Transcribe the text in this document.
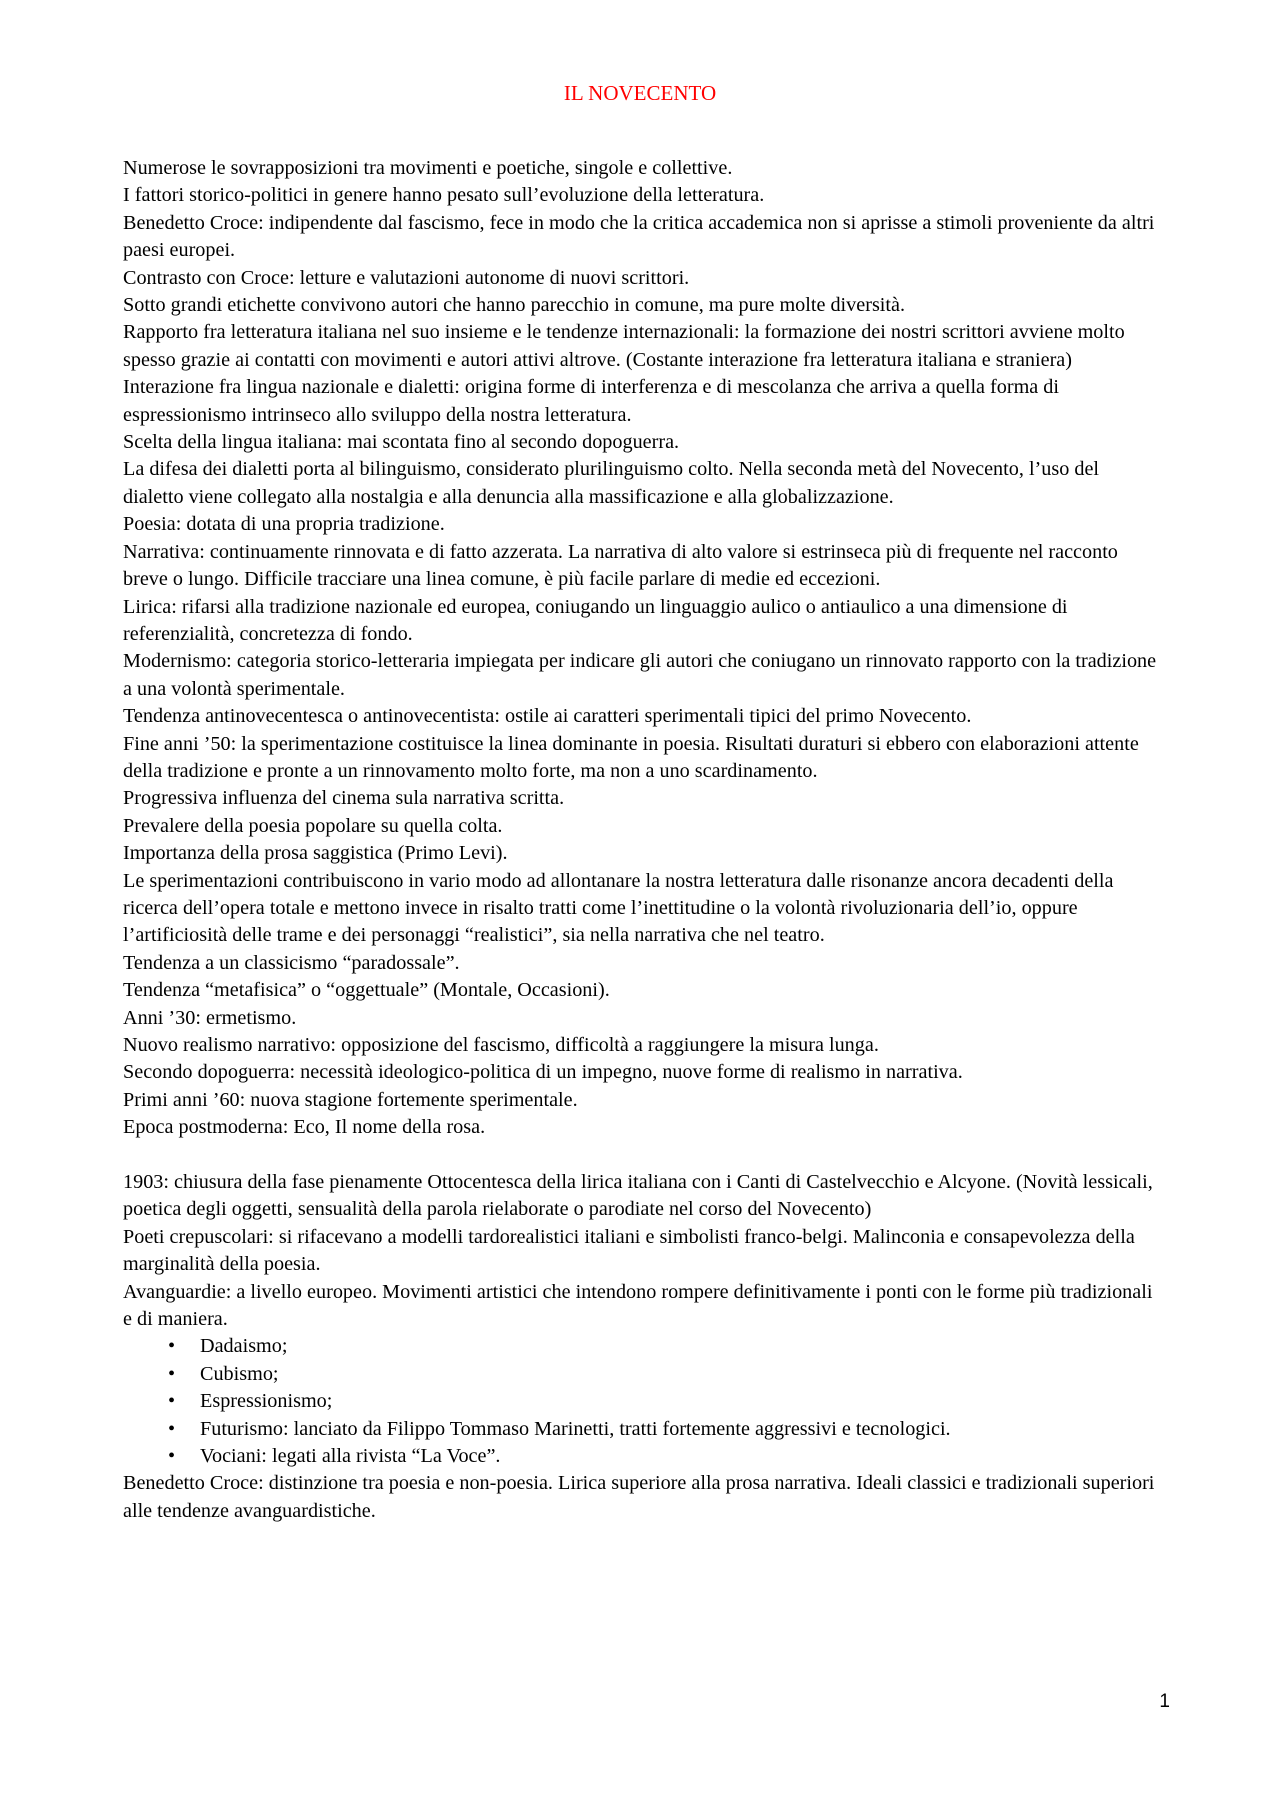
IL NOVECENTO

Numerose le sovrapposizioni tra movimenti e poetiche, singole e collettive.

I fattori storico-politici in genere hanno pesato sull’evoluzione della letteratura.

Benedetto Croce: indipendente dal fascismo, fece in modo che la critica accademica non si aprisse a stimoli proveniente da altri paesi europei.

Contrasto con Croce: letture e valutazioni autonome di nuovi scrittori.

Sotto grandi etichette convivono autori che hanno parecchio in comune, ma pure molte diversità.

Rapporto fra letteratura italiana nel suo insieme e le tendenze internazionali: la formazione dei nostri scrittori avviene molto spesso grazie ai contatti con movimenti e autori attivi altrove. (Costante interazione fra letteratura italiana e straniera)

Interazione fra lingua nazionale e dialetti: origina forme di interferenza e di mescolanza che arriva a quella forma di espressionismo intrinseco allo sviluppo della nostra letteratura.

Scelta della lingua italiana: mai scontata fino al secondo dopoguerra.

La difesa dei dialetti porta al bilinguismo, considerato plurilinguismo colto. Nella seconda metà del Novecento, l’uso del dialetto viene collegato alla nostalgia e alla denuncia alla massificazione e alla globalizzazione.

Poesia: dotata di una propria tradizione.

Narrativa: continuamente rinnovata e di fatto azzerata. La narrativa di alto valore si estrinseca più di frequente nel racconto breve o lungo. Difficile tracciare una linea comune, è più facile parlare di medie ed eccezioni.

Lirica: rifarsi alla tradizione nazionale ed europea, coniugando un linguaggio aulico o antiaulico a una dimensione di referenzialità, concretezza di fondo.

Modernismo: categoria storico-letteraria impiegata per indicare gli autori che coniugano un rinnovato rapporto con la tradizione a una volontà sperimentale.

Tendenza antinovecentesca o antinovecentista: ostile ai caratteri sperimentali tipici del primo Novecento.

Fine anni ’50: la sperimentazione costituisce la linea dominante in poesia. Risultati duraturi si ebbero con elaborazioni attente della tradizione e pronte a un rinnovamento molto forte, ma non a uno scardinamento.

Progressiva influenza del cinema sula narrativa scritta.

Prevalere della poesia popolare su quella colta.

Importanza della prosa saggistica (Primo Levi).

Le sperimentazioni contribuiscono in vario modo ad allontanare la nostra letteratura dalle risonanze ancora decadenti della ricerca dell’opera totale e mettono invece in risalto tratti come l’inettitudine o la volontà rivoluzionaria dell’io, oppure l’artificiosità delle trame e dei personaggi “realistici”, sia nella narrativa che nel teatro.

Tendenza a un classicismo “paradossale”.

Tendenza “metafisica” o “oggettuale” (Montale, Occasioni).

Anni ’30: ermetismo.

Nuovo realismo narrativo: opposizione del fascismo, difficoltà a raggiungere la misura lunga.

Secondo dopoguerra: necessità ideologico-politica di un impegno, nuove forme di realismo in narrativa.

Primi anni ’60: nuova stagione fortemente sperimentale.

Epoca postmoderna: Eco, Il nome della rosa.

1903: chiusura della fase pienamente Ottocentesca della lirica italiana con i Canti di Castelvecchio e Alcyone. (Novità lessicali, poetica degli oggetti, sensualità della parola rielaborate o parodiate nel corso del Novecento)

Poeti crepuscolari: si rifacevano a modelli tardorealistici italiani e simbolisti franco-belgi. Malinconia e consapevolezza della marginalità della poesia.

Avanguardie: a livello europeo. Movimenti artistici che intendono rompere definitivamente i ponti con le forme più tradizionali e di maniera.

• Dadaismo;
• Cubismo;
• Espressionismo;
• Futurismo: lanciato da Filippo Tommaso Marinetti, tratti fortemente aggressivi e tecnologici.
• Vociani: legati alla rivista “La Voce”.

Benedetto Croce: distinzione tra poesia e non-poesia. Lirica superiore alla prosa narrativa. Ideali classici e tradizionali superiori alle tendenze avanguardistiche.

1
